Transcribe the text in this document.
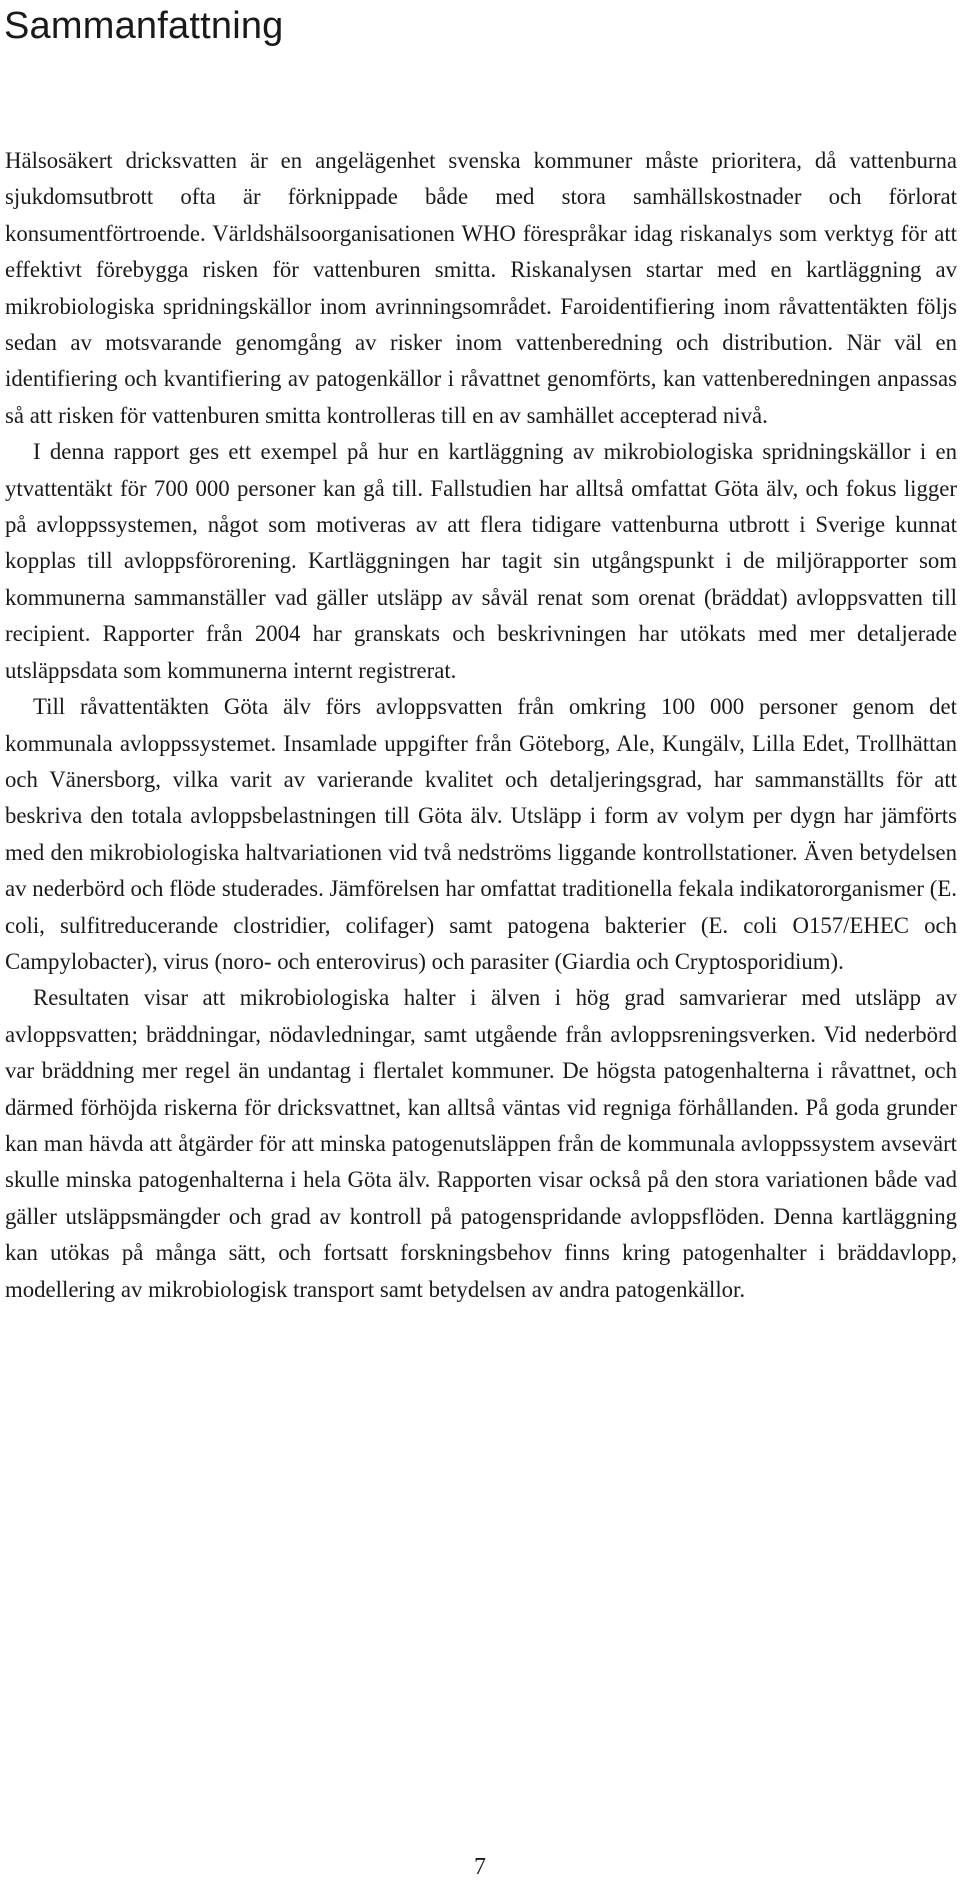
Sammanfattning

Hälsosäkert dricksvatten är en angelägenhet svenska kommuner måste prioritera, då vattenburna sjukdomsutbrott ofta är förknippade både med stora samhällskostnader och förlorat konsumentförtroende. Världshälsoorganisationen WHO förespråkar idag riskanalys som verktyg för att effektivt förebygga risken för vattenburen smitta. Riskanalysen startar med en kartläggning av mikrobiologiska spridningskällor inom avrinningsområdet. Faroidentifiering inom råvattentäkten följs sedan av motsvarande genomgång av risker inom vattenberedning och distribution. När väl en identifiering och kvantifiering av patogenkällor i råvattnet genomförts, kan vattenberedningen anpassas så att risken för vattenburen smitta kontrolleras till en av samhället accepterad nivå.

I denna rapport ges ett exempel på hur en kartläggning av mikrobiologiska spridningskällor i en ytvattentäkt för 700 000 personer kan gå till. Fallstudien har alltså omfattat Göta älv, och fokus ligger på avloppssystemen, något som motiveras av att flera tidigare vattenburna utbrott i Sverige kunnat kopplas till avloppsförorening. Kartläggningen har tagit sin utgångspunkt i de miljörapporter som kommunerna sammanställer vad gäller utsläpp av såväl renat som orenat (bräddat) avloppsvatten till recipient. Rapporter från 2004 har granskats och beskrivningen har utökats med mer detaljerade utsläppsdata som kommunerna internt registrerat.

Till råvattentäkten Göta älv förs avloppsvatten från omkring 100 000 personer genom det kommunala avloppssystemet. Insamlade uppgifter från Göteborg, Ale, Kungälv, Lilla Edet, Trollhättan och Vänersborg, vilka varit av varierande kvalitet och detaljeringsgrad, har sammanställts för att beskriva den totala avloppsbelastningen till Göta älv. Utsläpp i form av volym per dygn har jämförts med den mikrobiologiska haltvariationen vid två nedströms liggande kontrollstationer. Även betydelsen av nederbörd och flöde studerades. Jämförelsen har omfattat traditionella fekala indikatororganismer (E. coli, sulfitreducerande clostridier, colifager) samt patogena bakterier (E. coli O157/EHEC och Campylobacter), virus (noro- och enterovirus) och parasiter (Giardia och Cryptosporidium).

Resultaten visar att mikrobiologiska halter i älven i hög grad samvarierar med utsläpp av avloppsvatten; bräddningar, nödavledningar, samt utgående från avloppsreningsverken. Vid nederbörd var bräddning mer regel än undantag i flertalet kommuner. De högsta patogenhalterna i råvattnet, och därmed förhöjda riskerna för dricksvattnet, kan alltså väntas vid regniga förhållanden. På goda grunder kan man hävda att åtgärder för att minska patogenutsläppen från de kommunala avloppssystem avsevärt skulle minska patogenhalterna i hela Göta älv. Rapporten visar också på den stora variationen både vad gäller utsläppsmängder och grad av kontroll på patogenspridande avloppsflöden. Denna kartläggning kan utökas på många sätt, och fortsatt forskningsbehov finns kring patogenhalter i bräddavlopp, modellering av mikrobiologisk transport samt betydelsen av andra patogenkällor.

7
